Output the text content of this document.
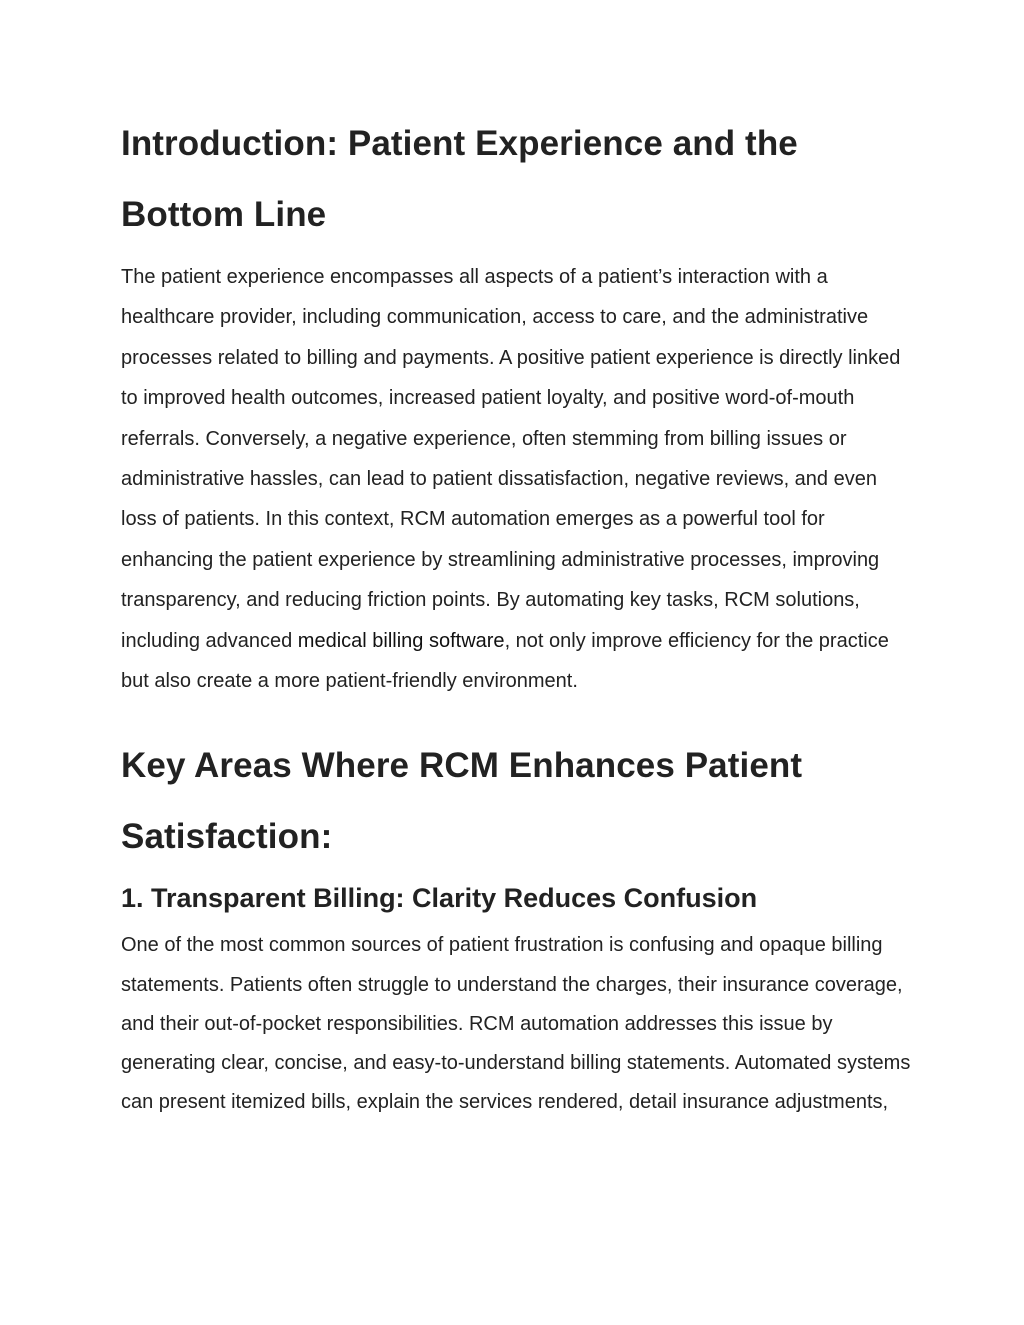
Introduction: Patient Experience and the Bottom Line

The patient experience encompasses all aspects of a patient’s interaction with a healthcare provider, including communication, access to care, and the administrative processes related to billing and payments. A positive patient experience is directly linked to improved health outcomes, increased patient loyalty, and positive word-of-mouth referrals. Conversely, a negative experience, often stemming from billing issues or administrative hassles, can lead to patient dissatisfaction, negative reviews, and even loss of patients. In this context, RCM automation emerges as a powerful tool for enhancing the patient experience by streamlining administrative processes, improving transparency, and reducing friction points. By automating key tasks, RCM solutions, including advanced medical billing software, not only improve efficiency for the practice but also create a more patient-friendly environment.

Key Areas Where RCM Enhances Patient Satisfaction:
1. Transparent Billing: Clarity Reduces Confusion

One of the most common sources of patient frustration is confusing and opaque billing statements. Patients often struggle to understand the charges, their insurance coverage, and their out-of-pocket responsibilities. RCM automation addresses this issue by generating clear, concise, and easy-to-understand billing statements. Automated systems can present itemized bills, explain the services rendered, detail insurance adjustments,
